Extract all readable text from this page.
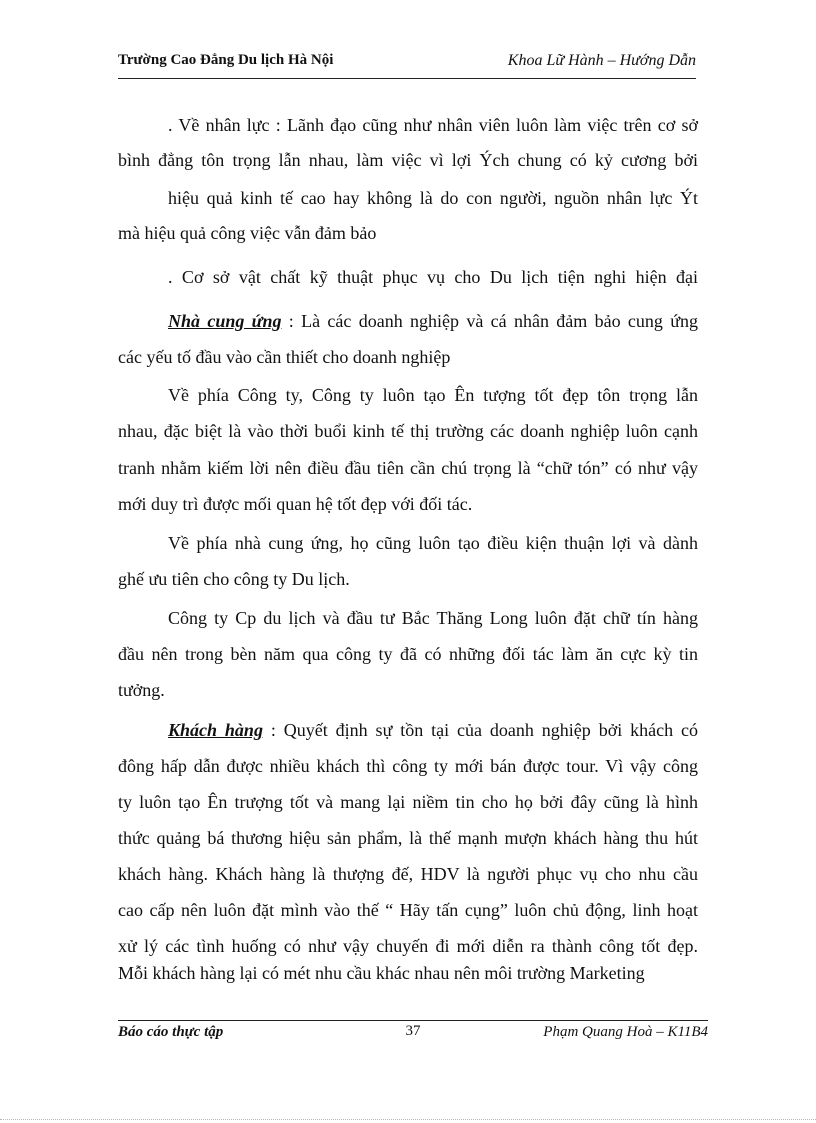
Trường Cao Đẳng Du lịch Hà Nội	Khoa Lữ Hành – Hướng Dẫn
. Về nhân lực : Lãnh đạo cũng như nhân viên luôn làm việc trên cơ sở
bình đẳng tôn trọng lẫn nhau, làm việc vì lợi Ých chung có kỷ cương bởi
hiệu quả kinh tế cao hay không là do con người, nguồn nhân lực Ýt
mà hiệu quả công việc vẫn đảm bảo
. Cơ sở vật chất kỹ thuật phục vụ cho Du lịch tiện nghi hiện đại
Nhà cung ứng : Là các doanh nghiệp và cá nhân đảm bảo cung ứng
các yếu tố đầu vào cần thiết cho doanh nghiệp
Về phía Công ty, Công ty luôn tạo Ên tượng tốt đẹp tôn trọng lẫn
nhau, đặc biệt là vào thời buổi kinh tế thị trường các doanh nghiệp luôn cạnh
tranh nhằm kiếm lời nên điều đầu tiên cần chú trọng là “chữ tón” có như vậy
mới duy trì được mối quan hệ tốt đẹp với đối tác.
Về phía nhà cung ứng, họ cũng luôn tạo điều kiện thuận lợi và dành
ghế ưu tiên cho công ty Du lịch.
Công ty Cp du lịch và đầu tư Bắc Thăng Long luôn đặt chữ tín hàng
đầu nên trong bèn năm qua công ty đã có những đối tác làm ăn cực kỳ tin
tưởng.
Khách hàng : Quyết định sự tồn tại của doanh nghiệp bởi khách có
đông hấp dẫn được nhiều khách thì công ty mới bán được tour. Vì vậy công
ty luôn tạo Ên trượng tốt và mang lại niềm tin cho họ bởi đây cũng là hình
thức quảng bá thương hiệu sản phẩm, là thế mạnh mượn khách hàng thu hút
khách hàng. Khách hàng là thượng đế, HDV là người phục vụ cho nhu cầu
cao cấp nên luôn đặt mình vào thế “ Hãy tấn cụng” luôn chủ động, linh hoạt
xử lý các tình huống có như vậy chuyến đi mới diễn ra thành công tốt đẹp.
Mỗi khách hàng lại có mét nhu cầu khác nhau nên môi trường Marketing
Báo cáo thực tập	37	Phạm Quang Hoà – K11B4
